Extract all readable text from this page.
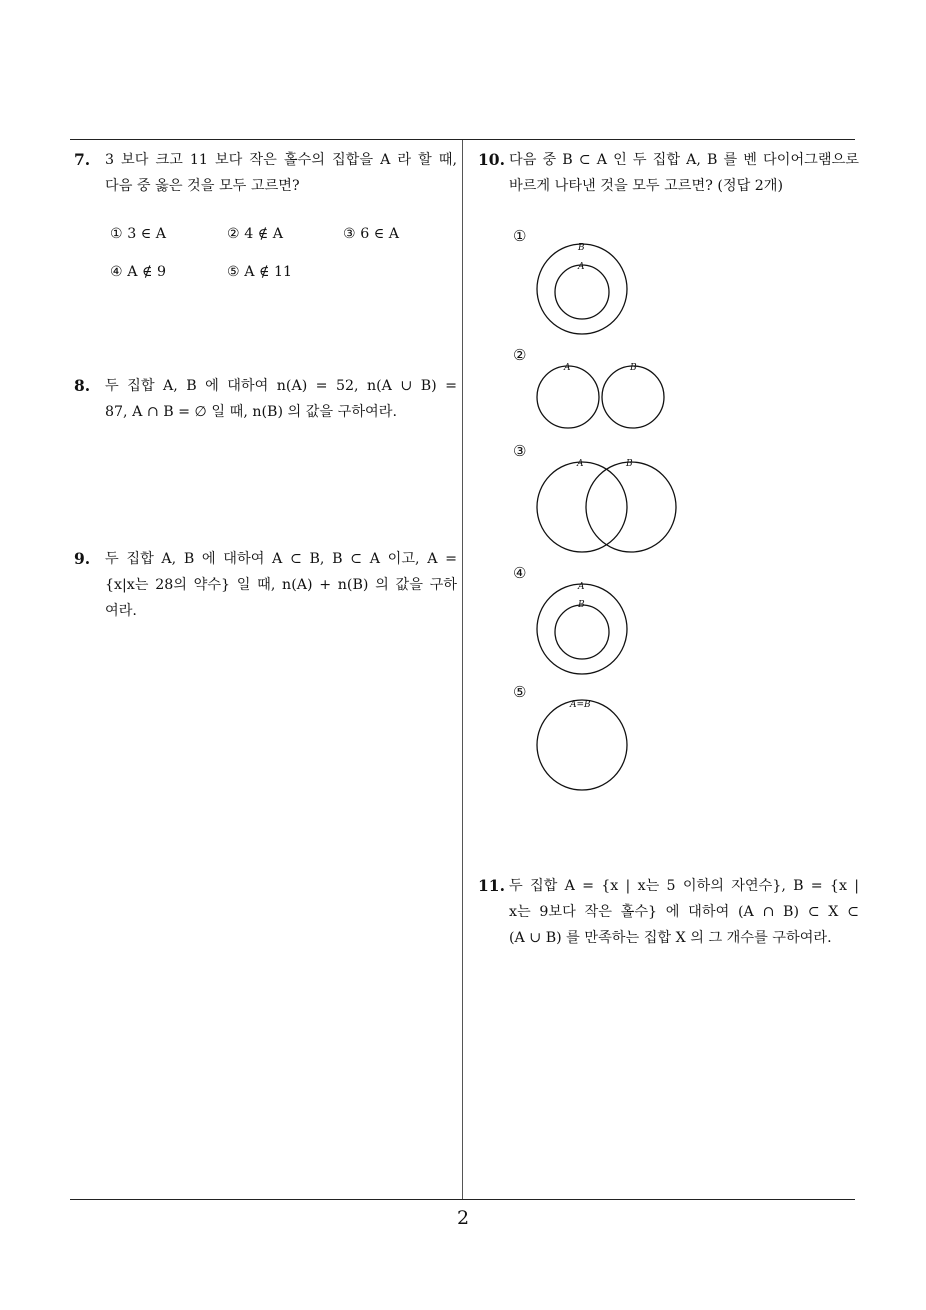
7. 3 보다 크고 11 보다 작은 홀수의 집합을 A 라 할 때,
다음 중 옳은 것을 모두 고르면?
① 3 ∈ A	② 4 ∉ A	③ 6 ∈ A
④ A ∉ 9	⑤ A ∉ 11
8. 두 집합 A, B 에 대하여 n(A) = 52, n(A ∪ B) =
87, A ∩ B = ∅ 일 때, n(B) 의 값을 구하여라.
9. 두 집합 A, B 에 대하여 A ⊂ B, B ⊂ A 이고, A =
{x|x는 28의 약수} 일 때, n(A) + n(B) 의 값을 구하
여라.
10. 다음 중 B ⊂ A 인 두 집합 A, B 를 벤 다이어그램으로
바르게 나타낸 것을 모두 고르면? (정답 2개)
①
B
A
②
A	B
③
A	B
④
A
B
⑤
A=B
11. 두 집합 A = {x | x는 5 이하의 자연수}, B = {x |
x는 9보다 작은 홀수} 에 대하여 (A ∩ B) ⊂ X ⊂
(A ∪ B) 를 만족하는 집합 X 의 그 개수를 구하여라.
2
